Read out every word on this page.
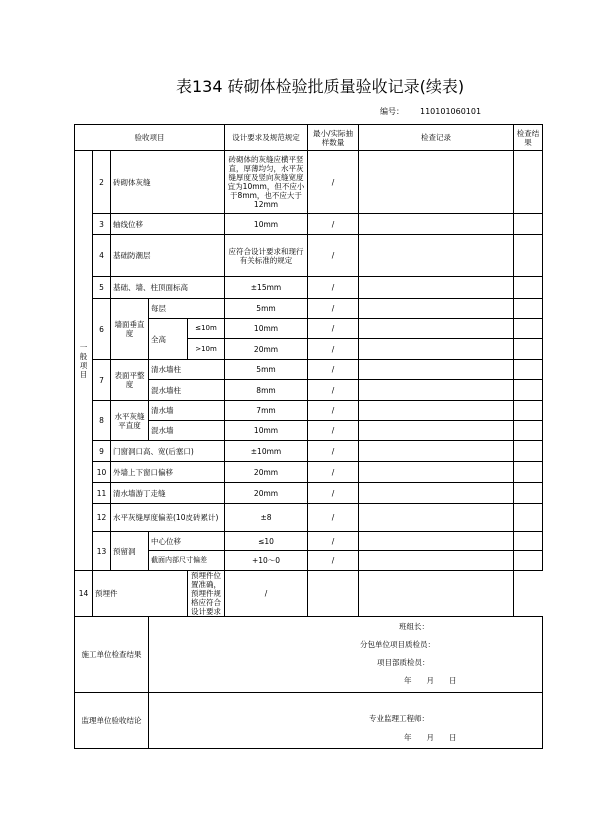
表134 砖砌体检验批质量验收记录(续表)
编号： 110101060101
验收项目					设计要求及规范规定	最小/实际抽样数量	检查记录	检查结果
一般项目	2	砖砌体灰缝			砖砌体的灰缝应横平竖直，厚薄均匀，水平灰缝厚度及竖向灰缝宽度宜为10mm，但不应小于8mm，也不应大于12mm	/		
	3	轴线位移			10mm	/		
	4	基础防潮层			应符合设计要求和现行有关标准的规定	/		
	5	基础、墙、柱顶面标高			±15mm	/		
	6	墙面垂直度	每层		5mm	/		
			全高	≤10m	10mm	/		
				>10m	20mm	/		
	7	表面平整度	清水墙柱		5mm	/		
			混水墙柱		8mm	/		
	8	水平灰缝平直度	清水墙		7mm	/		
			混水墙		10mm	/		
	9	门窗洞口高、宽(后塞口)			±10mm	/		
	10	外墙上下窗口偏移			20mm	/		
	11	清水墙游丁走缝			20mm	/		
	12	水平灰缝厚度偏差(10皮砖累计)			±8	/		
	13	预留洞	中心位移		≤10	/		
			截面内部尺寸偏差		+10～0	/		
14	预埋件			预埋件位置准确，预埋件规格应符合设计要求	/			
施工单位检查结果			班组长：
分包单位项目质检员：
项目部质检员：
年　　月　　日					

监理单位验收结论			专业监理工程师：
年　　月　　日					
